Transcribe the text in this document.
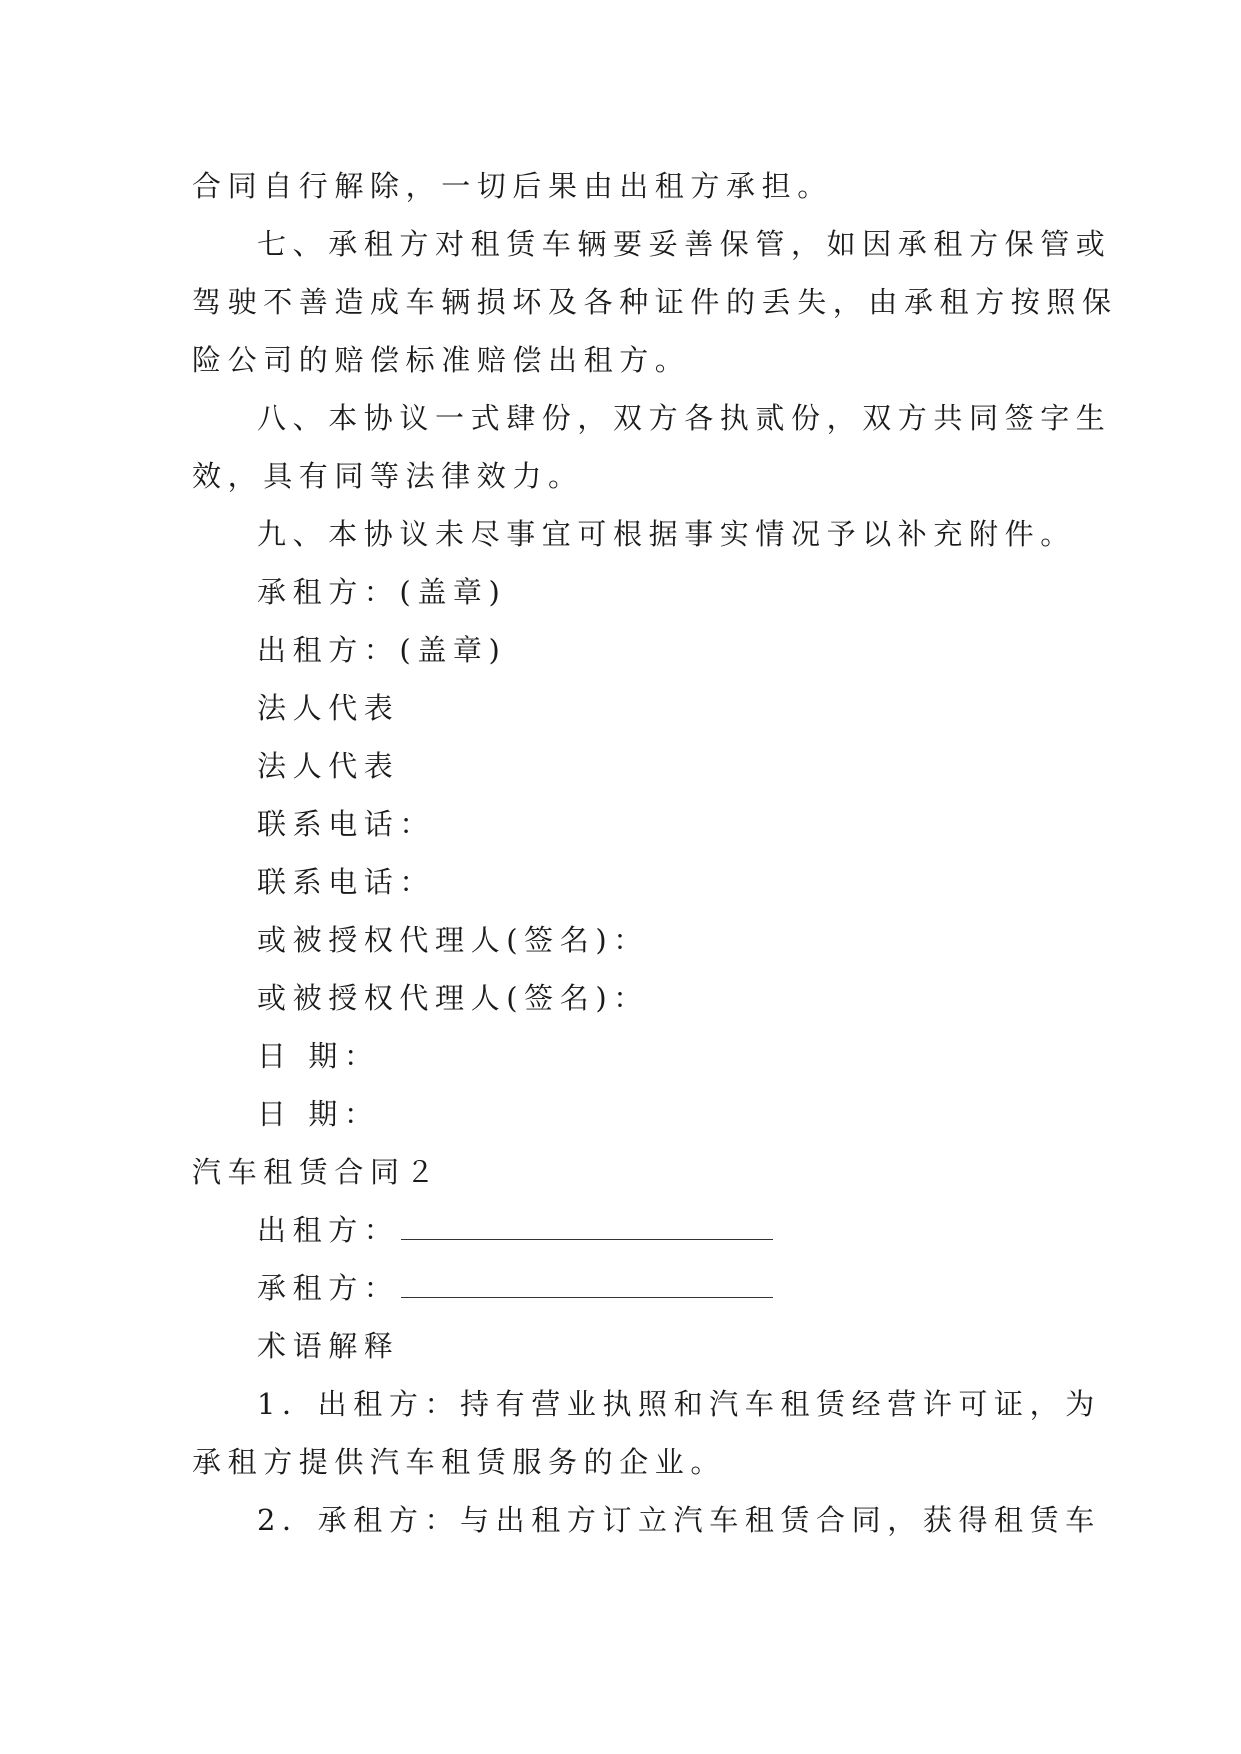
合同自行解除，一切后果由出租方承担。
七、承租方对租赁车辆要妥善保管，如因承租方保管或
驾驶不善造成车辆损坏及各种证件的丢失，由承租方按照保
险公司的赔偿标准赔偿出租方。
八、本协议一式肆份，双方各执贰份，双方共同签字生
效，具有同等法律效力。
九、本协议未尽事宜可根据事实情况予以补充附件。
承租方：(盖章)
出租方：(盖章)
法人代表
法人代表
联系电话：
联系电话：
或被授权代理人(签名)：
或被授权代理人(签名)：
日 期：
日 期：
汽车租赁合同２
出租方：
承租方：
术语解释
1．出租方：持有营业执照和汽车租赁经营许可证，为
承租方提供汽车租赁服务的企业。
2．承租方：与出租方订立汽车租赁合同，获得租赁车
